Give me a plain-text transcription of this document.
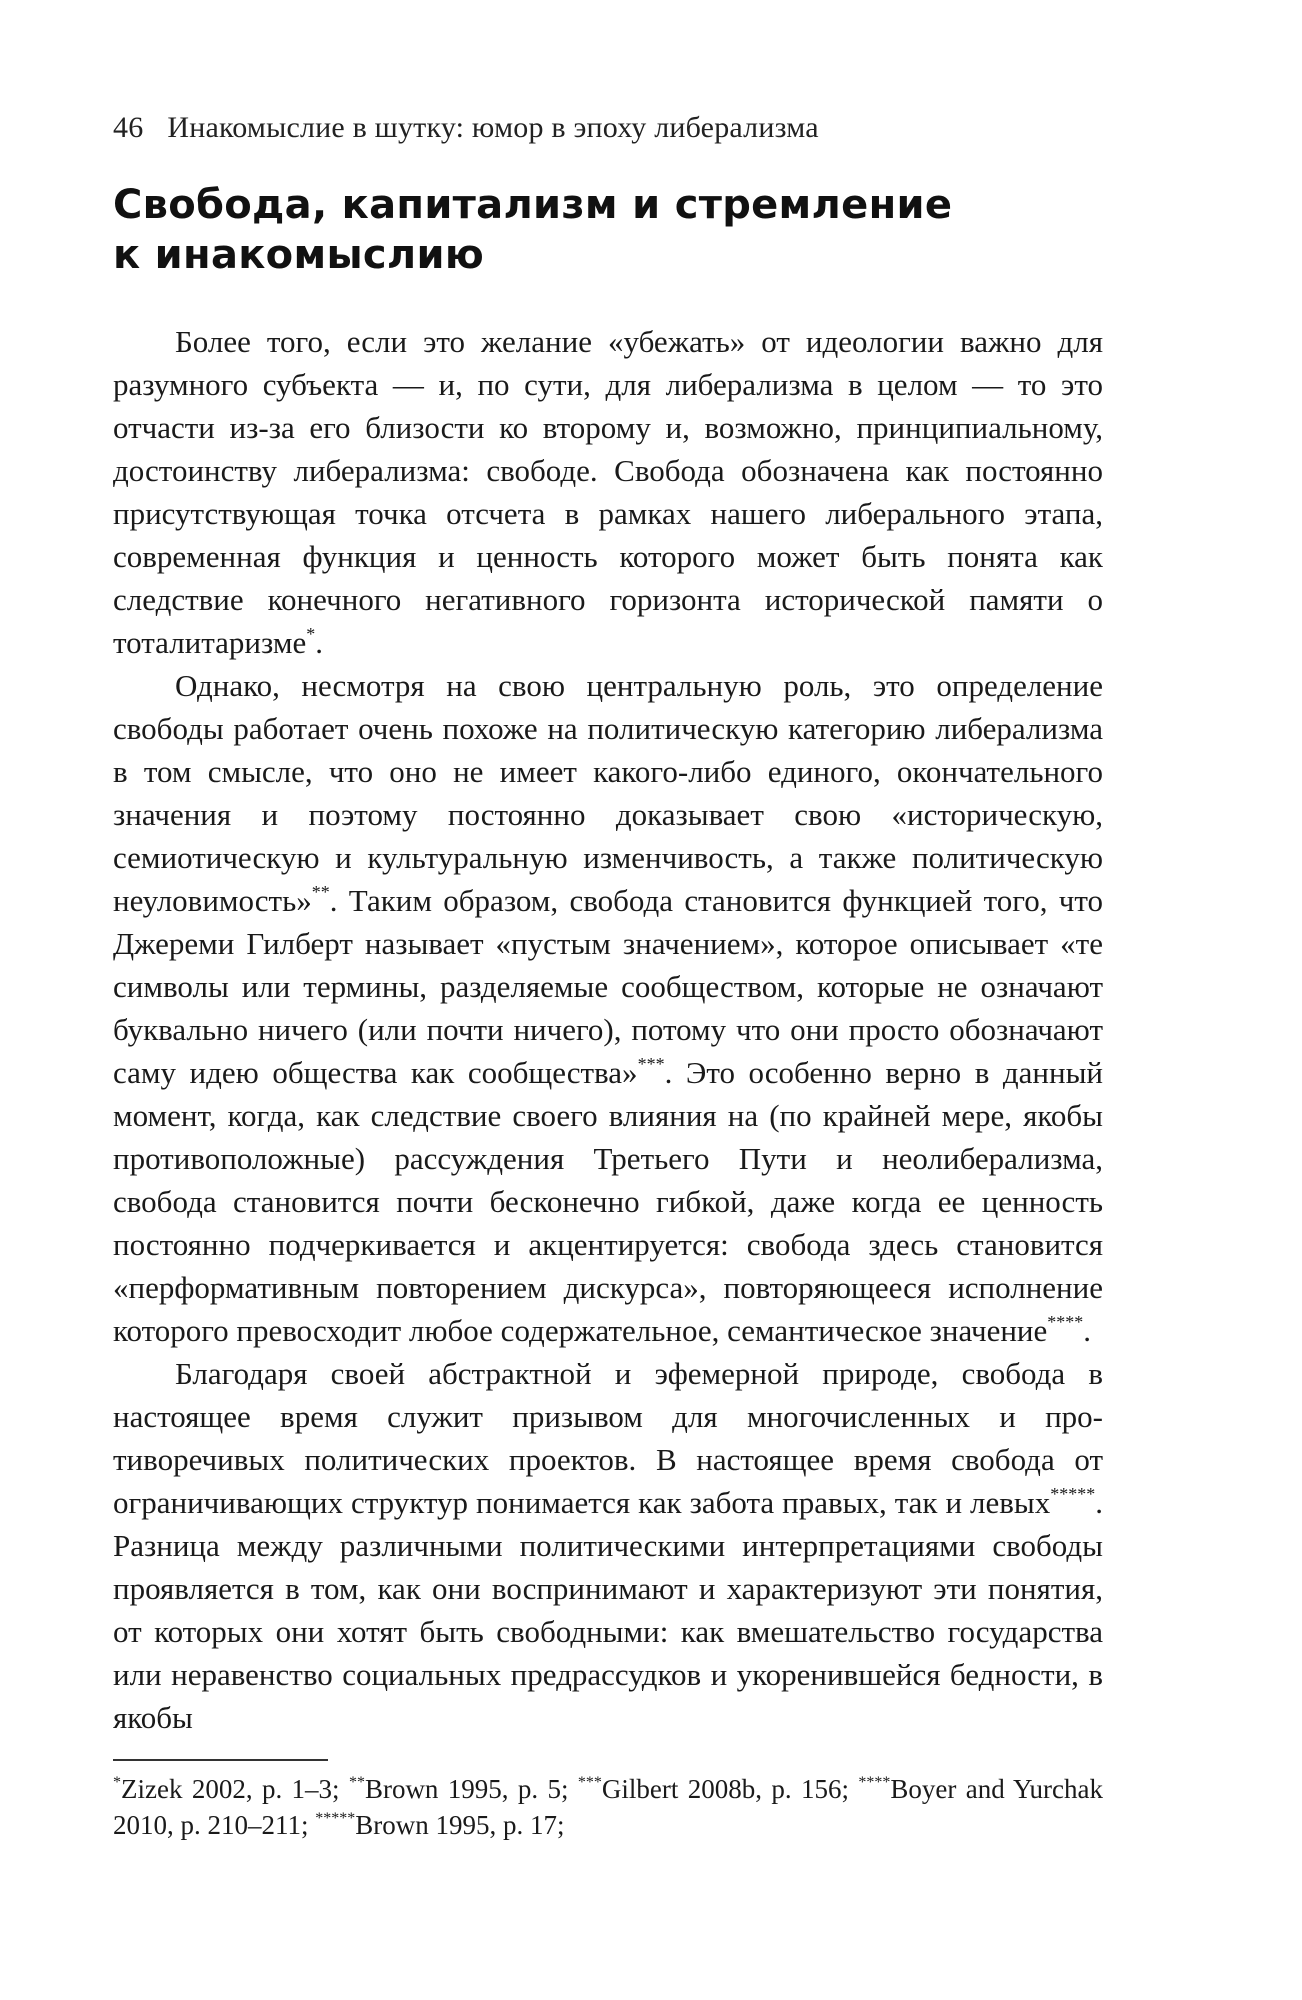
46 Инакомыслие в шутку: юмор в эпоху либерализма
Свобода, капитализм и стремление
к инакомыслию

Более того, если это желание «убежать» от идеологии важно для разумного субъекта — и, по сути, для либерализма в целом — то это отчасти из-за его близости ко второму и, возможно, принципиальному, достоинству либерализма: свободе. Свобода обозначена как постоянно присутствующая точка отсчета в рамках нашего либерального этапа, современная функция и ценность которого может быть понята как следствие конечного негативного горизонта исторической памяти о тоталитаризме*.

Однако, несмотря на свою центральную роль, это определение свободы работает очень похоже на политическую категорию либерализма в том смысле, что оно не имеет какого-либо единого, окончательного значения и поэтому постоянно доказывает свою «историческую, семиотическую и культуральную изменчивость, а также политическую неуловимость»**. Таким образом, свобода становится функцией того, что Джереми Гилберт называет «пустым значением», которое описывает «те символы или термины, разделяемые сообществом, которые не означают буквально ничего (или почти ничего), потому что они просто обозначают саму идею общества как сообщества»***. Это особенно верно в данный момент, когда, как следствие своего влияния на (по крайней мере, якобы противоположные) рассуждения Третьего Пути и неолиберализма, свобода становится почти бесконечно гибкой, даже когда ее ценность постоянно подчеркивается и акцентируется: свобода здесь становится «перформативным повторением дискурса», повторяющееся исполнение которого превосходит любое содержательное, семантическое значение****.

Благодаря своей абстрактной и эфемерной природе, свобода в настоящее время служит призывом для многочисленных и противоречивых политических проектов. В настоящее время свобода от ограничивающих структур понимается как забота правых, так и левых*****. Разница между различными политическими интерпретациями свободы проявляется в том, как они воспринимают и характеризуют эти понятия, от которых они хотят быть свободными: как вмешательство государства или неравенство социальных предрассудков и укоренившейся бедности, в якобы

*Zizek 2002, p. 1–3; **Brown 1995, p. 5; ***Gilbert 2008b, p. 156; ****Boyer and Yurchak 2010, p. 210–211; *****Brown 1995, p. 17;
